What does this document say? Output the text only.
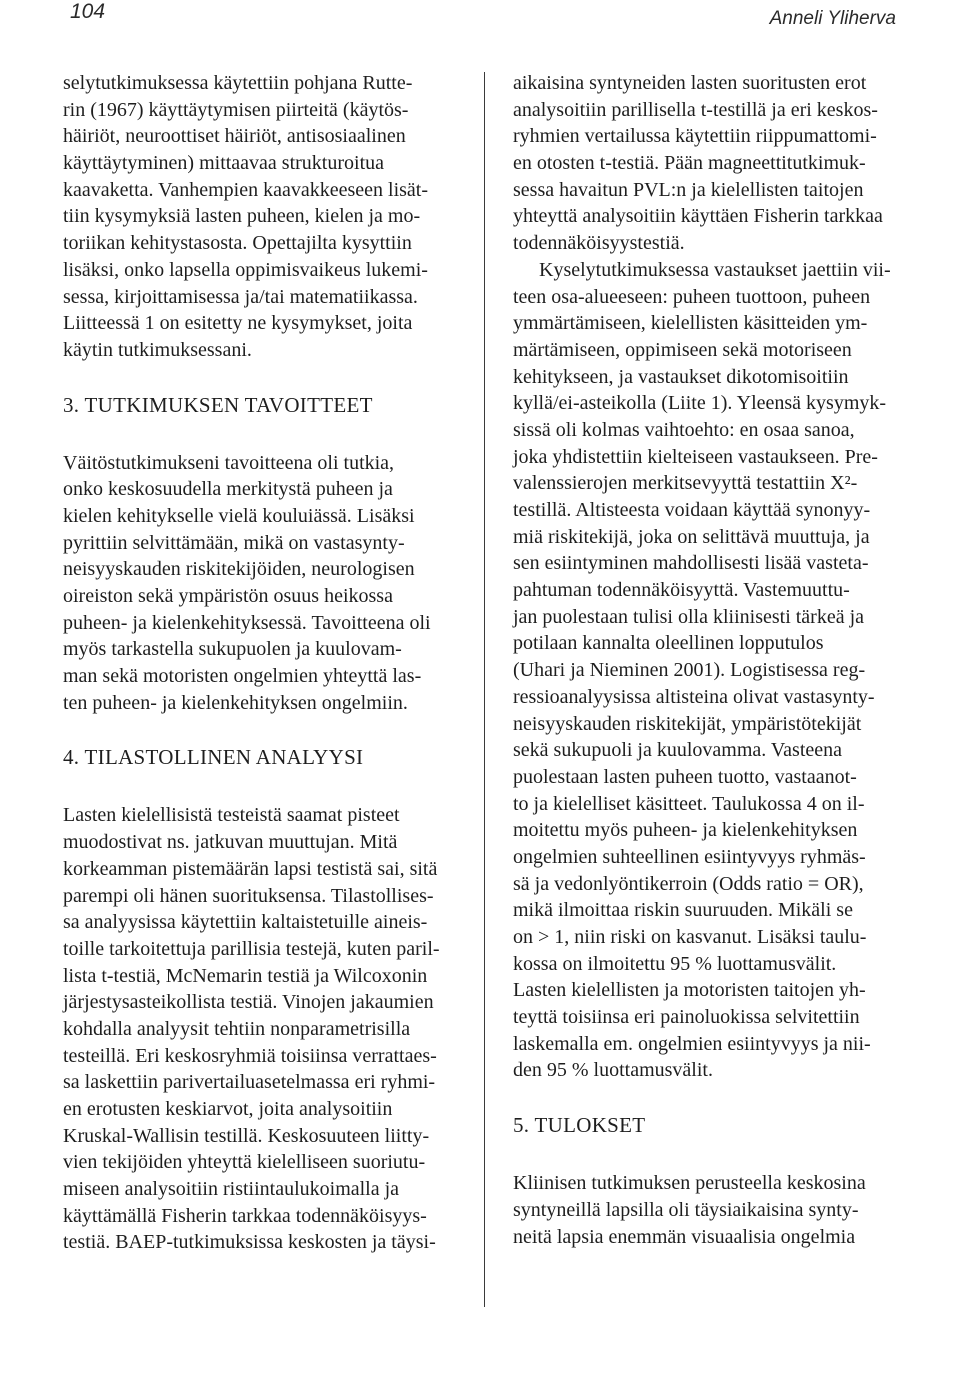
104	Anneli Yliherva
selytutkimuksessa käytettiin pohjana Rutte-
rin (1967) käyttäytymisen piirteitä (käytös-
häiriöt, neuroottiset häiriöt, antisosiaalinen
käyttäytyminen) mittaavaa strukturoitua
kaavaketta. Vanhempien kaavakkeeseen lisät-
tiin kysymyksiä lasten puheen, kielen ja mo-
toriikan kehitystasosta. Opettajilta kysyttiin
lisäksi, onko lapsella oppimisvaikeus lukemi-
sessa, kirjoittamisessa ja/tai matematiikassa.
Liitteessä 1 on esitetty ne kysymykset, joita
käytin tutkimuksessani.
3. TUTKIMUKSEN TAVOITTEET
Väitöstutkimukseni tavoitteena oli tutkia,
onko keskosuudella merkitystä puheen ja
kielen kehitykselle vielä kouluiässä. Lisäksi
pyrittiin selvittämään, mikä on vastasynty-
neisyyskauden riskitekijöiden, neurologisen
oireiston sekä ympäristön osuus heikossa
puheen- ja kielenkehityksessä. Tavoitteena oli
myös tarkastella sukupuolen ja kuulovam-
man sekä motoristen ongelmien yhteyttä las-
ten puheen- ja kielenkehityksen ongelmiin.
4. TILASTOLLINEN ANALYYSI
Lasten kielellisistä testeistä saamat pisteet
muodostivat ns. jatkuvan muuttujan. Mitä
korkeamman pistemäärän lapsi testistä sai, sitä
parempi oli hänen suorituksensa. Tilastollises-
sa analyysissa käytettiin kaltaistetuille aineis-
toille tarkoitettuja parillisia testejä, kuten paril-
lista t-testiä, McNemarin testiä ja Wilcoxonin
järjestysasteikollista testiä. Vinojen jakaumien
kohdalla analyysit tehtiin nonparametrisilla
testeillä. Eri keskosryhmiä toisiinsa verrattaes-
sa laskettiin parivertailuasetelmassa eri ryhmi-
en erotusten keskiarvot, joita analysoitiin
Kruskal-Wallisin testillä. Keskosuuteen liitty-
vien tekijöiden yhteyttä kielelliseen suoriutu-
miseen analysoitiin ristiintaulukoimalla ja
käyttämällä Fisherin tarkkaa todennäköisyys-
testiä. BAEP-tutkimuksissa keskosten ja täysi-
aikaisina syntyneiden lasten suoritusten erot
analysoitiin parillisella t-testillä ja eri keskos-
ryhmien vertailussa käytettiin riippumattomi-
en otosten t-testiä. Pään magneettitutkimuk-
sessa havaitun PVL:n ja kielellisten taitojen
yhteyttä analysoitiin käyttäen Fisherin tarkkaa
todennäköisyystestiä.
Kyselytutkimuksessa vastaukset jaettiin vii-
teen osa-alueeseen: puheen tuottoon, puheen
ymmärtämiseen, kielellisten käsitteiden ym-
märtämiseen, oppimiseen sekä motoriseen
kehitykseen, ja vastaukset dikotomisoitiin
kyllä/ei-asteikolla (Liite 1). Yleensä kysymyk-
sissä oli kolmas vaihtoehto: en osaa sanoa,
joka yhdistettiin kielteiseen vastaukseen. Pre-
valenssierojen merkitsevyyttä testattiin X²-
testillä. Altisteesta voidaan käyttää synonyy-
miä riskitekijä, joka on selittävä muuttuja, ja
sen esiintyminen mahdollisesti lisää vasteta-
pahtuman todennäköisyyttä. Vastemuuttu-
jan puolestaan tulisi olla kliinisesti tärkeä ja
potilaan kannalta oleellinen lopputulos
(Uhari ja Nieminen 2001). Logistisessa reg-
ressioanalyysissa altisteina olivat vastasynty-
neisyyskauden riskitekijät, ympäristötekijät
sekä sukupuoli ja kuulovamma. Vasteena
puolestaan lasten puheen tuotto, vastaanot-
to ja kielelliset käsitteet. Taulukossa 4 on il-
moitettu myös puheen- ja kielenkehityksen
ongelmien suhteellinen esiintyvyys ryhmäs-
sä ja vedonlyöntikerroin (Odds ratio = OR),
mikä ilmoittaa riskin suuruuden. Mikäli se
on > 1, niin riski on kasvanut. Lisäksi taulu-
kossa on ilmoitettu 95 % luottamusvälit.
Lasten kielellisten ja motoristen taitojen yh-
teyttä toisiinsa eri painoluokissa selvitettiin
laskemalla em. ongelmien esiintyvyys ja nii-
den 95 % luottamusvälit.
5. TULOKSET
Kliinisen tutkimuksen perusteella keskosina
syntyneillä lapsilla oli täysiaikaisina synty-
neitä lapsia enemmän visuaalisia ongelmia
